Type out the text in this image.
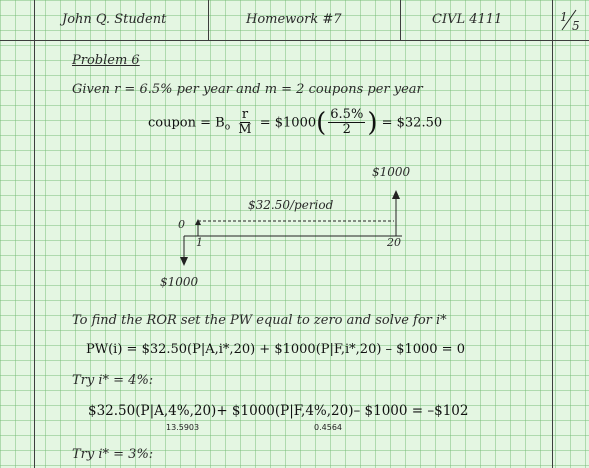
John Q. Student	Homework #7	CIVL 4111	1
5
Problem 6
Given r = 6.5% per year and m = 2 coupons per year
coupon = $B_o \frac{r}{M}$ = $1000( $\frac{6.5\%}{2}$ ) = $32.50
$1000
$32.50/period
0
1	20
$1000
To find the ROR set the PW equal to zero and solve for i*
PW(i) = $32.50(P|A,i*,20) + $1000(P|F,i*,20) – $1000 = 0
Try i* = 4%:
$32.50(P|A,4%,20)+ $1000(P|F,4%,20)– $1000 = –$102
13.5903	0.4564
Try i* = 3%:
